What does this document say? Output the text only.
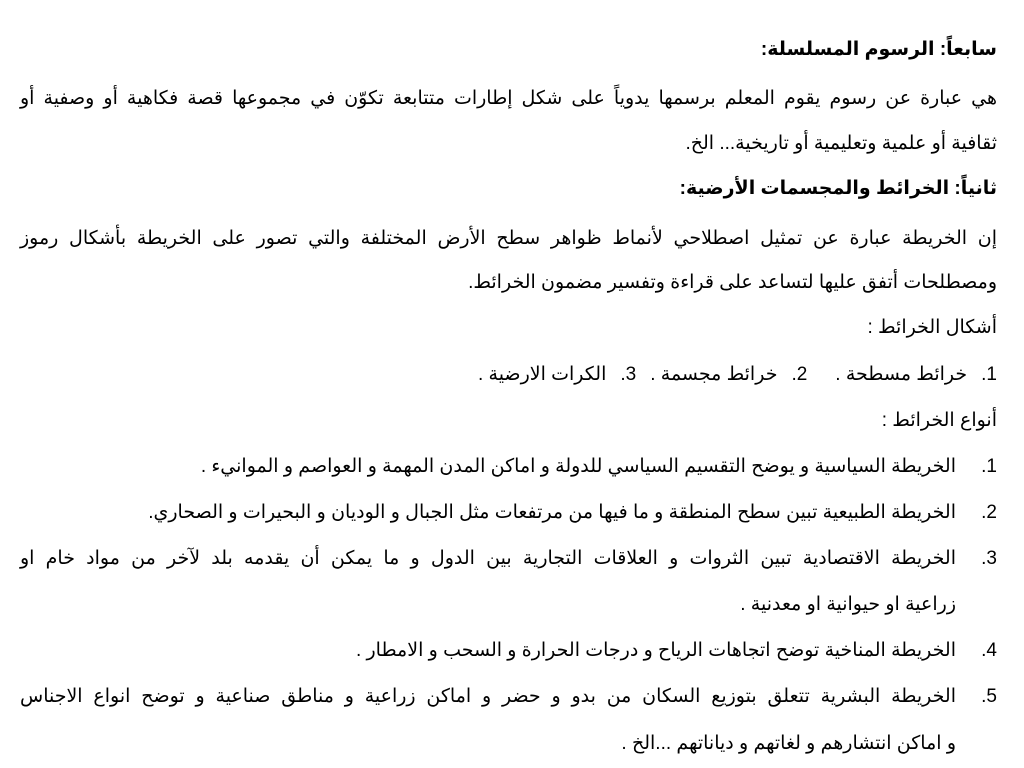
سابعاً: الرسوم المسلسلة:
هي عبارة عن رسوم يقوم المعلم برسمها يدوياً على شكل إطارات متتابعة تكوّن في مجموعها قصة فكاهية أو وصفية أو
ثقافية أو علمية وتعليمية أو تاريخية... الخ.
ثانياً: الخرائط والمجسمات الأرضية:
إن الخريطة عبارة عن تمثيل اصطلاحي لأنماط ظواهر سطح الأرض المختلفة والتي تصور على الخريطة بأشكال رموز
ومصطلحات أتفق عليها لتساعد على قراءة وتفسير مضمون الخرائط.
أشكال الخرائط :
1.خرائط مسطحة .2.خرائط مجسمة .3.الكرات الارضية .
أنواع الخرائط :
1.
الخريطة السياسية و يوضح التقسيم السياسي للدولة و اماكن المدن المهمة و العواصم و الموانيء .
2.
الخريطة الطبيعية تبين سطح المنطقة و ما فيها من مرتفعات مثل الجبال و الوديان و البحيرات و الصحاري.
3.
الخريطة الاقتصادية تبين الثروات و العلاقات التجارية بين الدول و ما يمكن أن يقدمه بلد لآخر من مواد خام او
زراعية او حيوانية او معدنية .
4.
الخريطة المناخية توضح اتجاهات الرياح و درجات الحرارة و السحب و الامطار .
5.
الخريطة البشرية تتعلق بتوزيع السكان من بدو و حضر و اماكن زراعية و مناطق صناعية و توضح انواع الاجناس
و اماكن انتشارهم و لغاتهم و دياناتهم ...الخ .
